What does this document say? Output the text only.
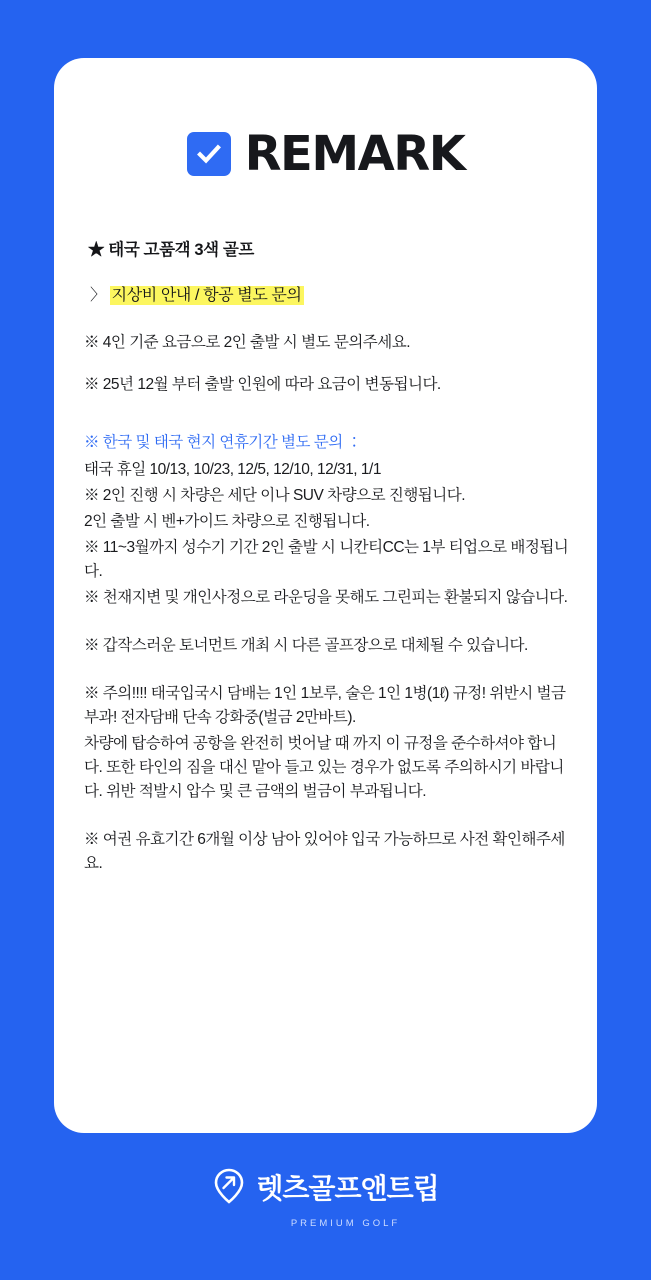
REMARK

★ 태국 고품객 3색 골프

〉 지상비 안내 / 항공 별도 문의

※ 4인 기준 요금으로 2인 출발 시 별도 문의주세요.

※ 25년 12월 부터 출발 인원에 따라 요금이 변동됩니다.

※ 한국 및 태국 현지 연휴기간 별도 문의 ：

태국 휴일 10/13, 10/23, 12/5, 12/10, 12/31, 1/1

※ 2인 진행 시 차량은 세단 이나 SUV 차량으로 진행됩니다.

2인 출발 시 벤+가이드 차량으로 진행됩니다.

※ 11~3월까지 성수기 기간 2인 출발 시 니칸티CC는 1부 티업으로 배정됩니다.

※ 천재지변 및 개인사정으로 라운딩을 못해도 그린피는 환불되지 않습니다.

※ 갑작스러운 토너먼트 개최 시 다른 골프장으로 대체될 수 있습니다.

※ 주의!!!! 태국입국시 담배는 1인 1보루, 술은 1인 1병(1ℓ) 규정! 위반시 벌금부과! 전자담배 단속 강화중(벌금 2만바트).

차량에 탑승하여 공항을 완전히 벗어날 때 까지 이 규정을 준수하셔야 합니다. 또한 타인의 짐을 대신 맡아 들고 있는 경우가 없도록 주의하시기 바랍니다. 위반 적발시 압수 및 큰 금액의 벌금이 부과됩니다.

※ 여권 유효기간 6개월 이상 남아 있어야 입국 가능하므로 사전 확인해주세요.

렛츠골프앤트립
PREMIUM GOLF
